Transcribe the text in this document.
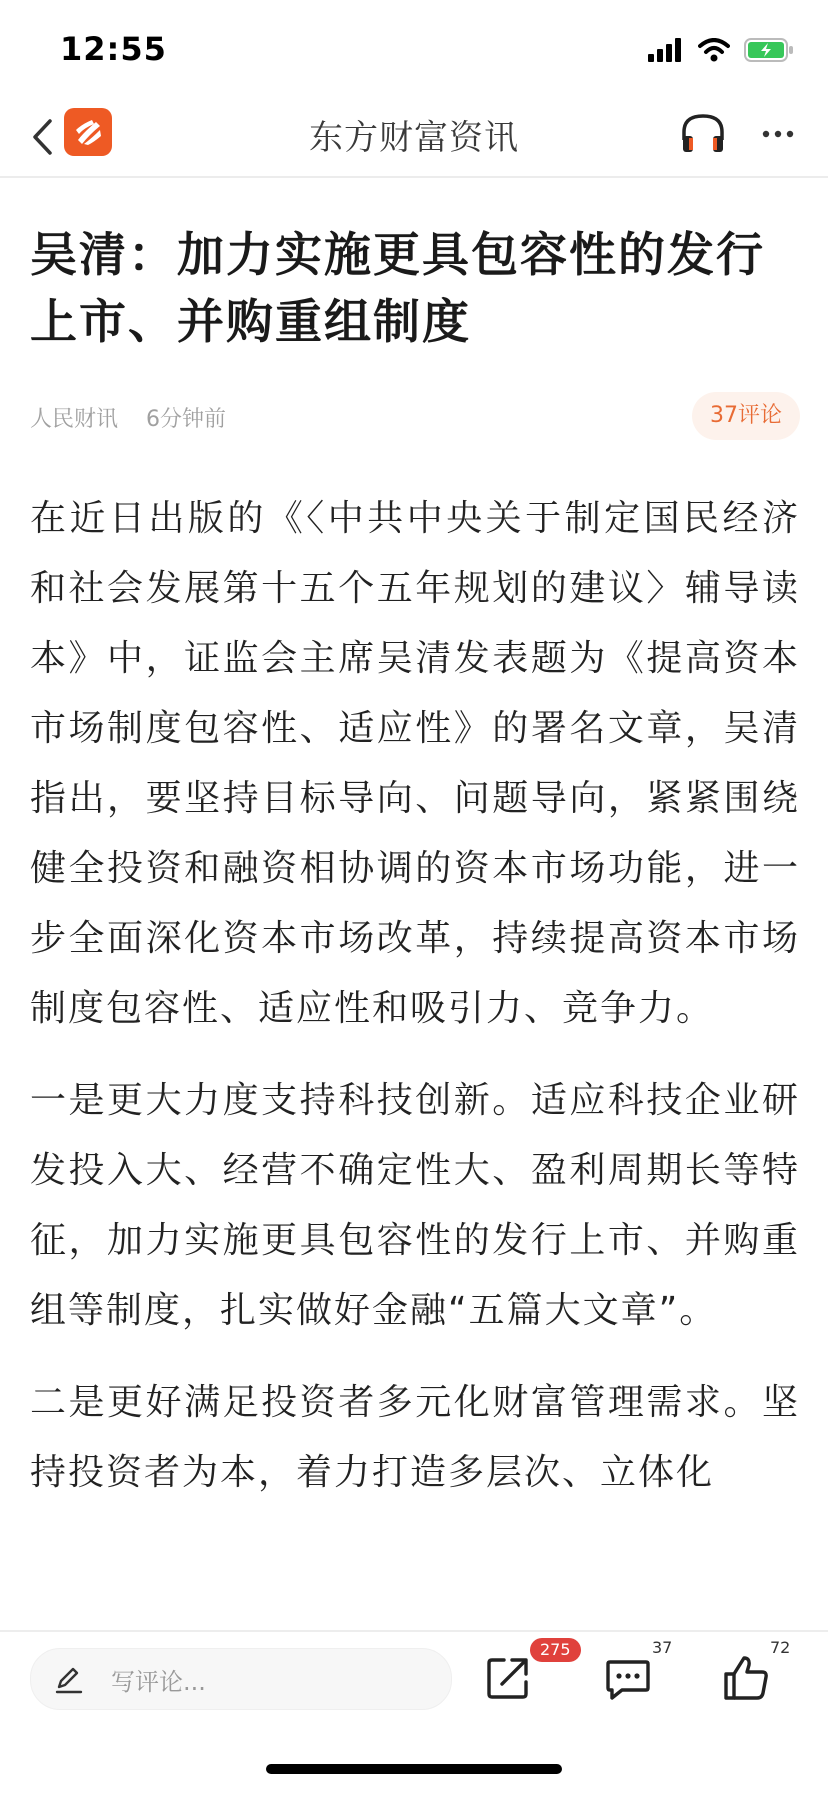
12:55
东方财富资讯
吴清：加力实施更具包容性的发行上市、并购重组制度
人民财讯 6分钟前	37评论

在近日出版的《〈中共中央关于制定国民经济和社会发展第十五个五年规划的建议〉辅导读本》中，证监会主席吴清发表题为《提高资本市场制度包容性、适应性》的署名文章，吴清指出，要坚持目标导向、问题导向，紧紧围绕健全投资和融资相协调的资本市场功能，进一步全面深化资本市场改革，持续提高资本市场制度包容性、适应性和吸引力、竞争力。

一是更大力度支持科技创新。适应科技企业研发投入大、经营不确定性大、盈利周期长等特征，加力实施更具包容性的发行上市、并购重组等制度，扎实做好金融“五篇大文章”。

二是更好满足投资者多元化财富管理需求。坚持投资者为本，着力打造多层次、立体化

写评论...
275	37	72
